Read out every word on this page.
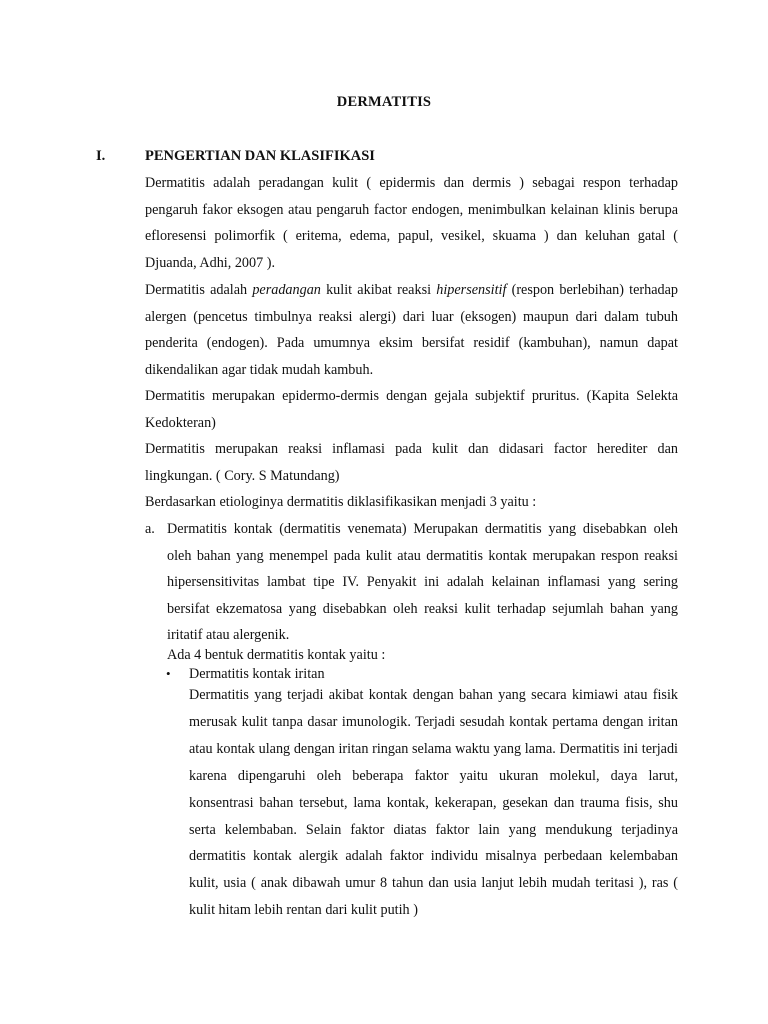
DERMATITIS
I.	PENGERTIAN DAN KLASIFIKASI

Dermatitis adalah peradangan kulit ( epidermis dan dermis ) sebagai respon terhadap pengaruh fakor eksogen atau pengaruh factor endogen, menimbulkan kelainan klinis berupa efloresensi polimorfik ( eritema, edema, papul, vesikel, skuama ) dan keluhan gatal ( Djuanda, Adhi, 2007 ).

Dermatitis adalah peradangan kulit akibat reaksi hipersensitif (respon berlebihan) terhadap alergen (pencetus timbulnya reaksi alergi) dari luar (eksogen) maupun dari dalam tubuh penderita (endogen). Pada umumnya eksim bersifat residif (kambuhan), namun dapat dikendalikan agar tidak mudah kambuh.

Dermatitis merupakan epidermo-dermis dengan gejala subjektif pruritus. (Kapita Selekta Kedokteran)

Dermatitis merupakan reaksi inflamasi pada kulit dan didasari factor herediter dan lingkungan. ( Cory. S Matundang)

Berdasarkan etiologinya dermatitis diklasifikasikan menjadi 3 yaitu :

a. Dermatitis kontak (dermatitis venemata) Merupakan dermatitis yang disebabkan oleh oleh bahan yang menempel pada kulit atau dermatitis kontak merupakan respon reaksi hipersensitivitas lambat tipe IV. Penyakit ini adalah kelainan inflamasi yang sering bersifat ekzematosa yang disebabkan oleh reaksi kulit terhadap sejumlah bahan yang iritatif atau alergenik.
Ada 4 bentuk dermatitis kontak yaitu :
• Dermatitis kontak iritan
Dermatitis yang terjadi akibat kontak dengan bahan yang secara kimiawi atau fisik merusak kulit tanpa dasar imunologik. Terjadi sesudah kontak pertama dengan iritan atau kontak ulang dengan iritan ringan selama waktu yang lama. Dermatitis ini terjadi karena dipengaruhi oleh beberapa faktor yaitu ukuran molekul, daya larut, konsentrasi bahan tersebut, lama kontak, kekerapan, gesekan dan trauma fisis, shu serta kelembaban. Selain faktor diatas faktor lain yang mendukung terjadinya dermatitis kontak alergik adalah faktor individu misalnya perbedaan kelembaban kulit, usia ( anak dibawah umur 8 tahun dan usia lanjut lebih mudah teritasi ), ras ( kulit hitam lebih rentan dari kulit putih )
